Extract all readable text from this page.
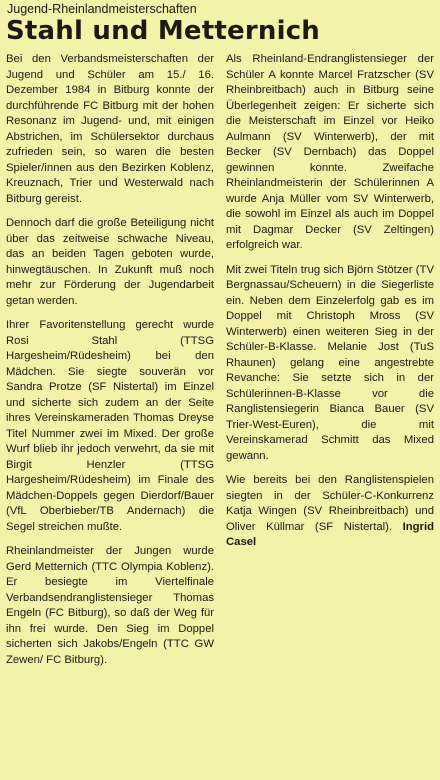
Jugend-Rheinlandmeisterschaften
Stahl und Metternich

Bei den Verbandsmeisterschaften der Jugend und Schüler am 15./ 16. Dezember 1984 in Bitburg konnte der durchführende FC Bitburg mit der hohen Resonanz im Jugend- und, mit einigen Abstrichen, im Schülersektor durchaus zufrieden sein, so waren die besten Spieler/innen aus den Bezirken Koblenz, Kreuznach, Trier und Westerwald nach Bitburg gereist.

Dennoch darf die große Beteiligung nicht über das zeitweise schwache Niveau, das an beiden Tagen geboten wurde, hinwegtäuschen. In Zukunft muß noch mehr zur Förderung der Jugendarbeit getan werden.

Ihrer Favoritenstellung gerecht wurde Rosi Stahl (TTSG Hargesheim/Rüdesheim) bei den Mädchen. Sie siegte souverän vor Sandra Protze (SF Nistertal) im Einzel und sicherte sich zudem an der Seite ihres Vereinskameraden Thomas Dreyse Titel Nummer zwei im Mixed. Der große Wurf blieb ihr jedoch verwehrt, da sie mit Birgit Henzler (TTSG Hargesheim/Rüdesheim) im Finale des Mädchen-Doppels gegen Dierdorf/Bauer (VfL Oberbieber/TB Andernach) die Segel streichen mußte.

Rheinlandmeister der Jungen wurde Gerd Metternich (TTC Olympia Koblenz). Er besiegte im Viertelfinale Verbandsendranglistensieger Thomas Engeln (FC Bitburg), so daß der Weg für ihn frei wurde. Den Sieg im Doppel sicherten sich Jakobs/Engeln (TTC GW Zewen/ FC Bitburg).

Als Rheinland-Endranglistensieger der Schüler A konnte Marcel Fratzscher (SV Rheinbreitbach) auch in Bitburg seine Überlegenheit zeigen: Er sicherte sich die Meisterschaft im Einzel vor Heiko Aulmann (SV Winterwerb), der mit Becker (SV Dernbach) das Doppel gewinnen konnte. Zweifache Rheinlandmeisterin der Schülerinnen A wurde Anja Müller vom SV Winterwerb, die sowohl im Einzel als auch im Doppel mit Dagmar Decker (SV Zeltingen) erfolgreich war.

Mit zwei Titeln trug sich Björn Stötzer (TV Bergnassau/Scheuern) in die Siegerliste ein. Neben dem Einzelerfolg gab es im Doppel mit Christoph Mross (SV Winterwerb) einen weiteren Sieg in der Schüler-B-Klasse. Melanie Jost (TuS Rhaunen) gelang eine angestrebte Revanche: Sie setzte sich in der Schülerinnen-B-Klasse vor die Ranglistensiegerin Bianca Bauer (SV Trier-West-Euren), die mit Vereinskamerad Schmitt das Mixed gewann.

Wie bereits bei den Ranglistenspielen siegten in der Schüler-C-Konkurrenz Katja Wingen (SV Rheinbreitbach) und Oliver Küllmar (SF Nistertal). Ingrid Casel
